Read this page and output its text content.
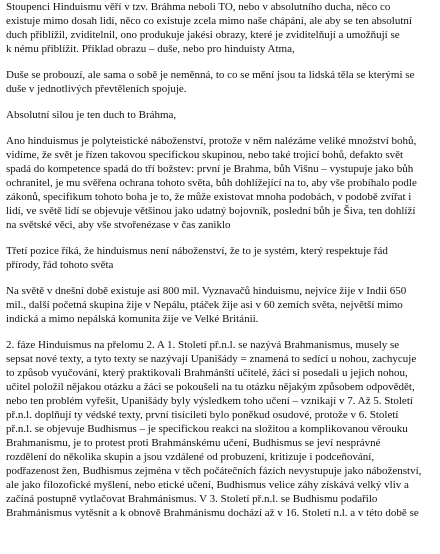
Stoupenci Hinduismu věří v tzv. Bráhma neboli TO, nebo v absolutního ducha, něco co
existuje mimo dosah lidí, něco co existuje zcela mimo naše chápání, ale aby se ten absolutní
duch přiblížil, zviditelnil, ono produkuje jakési obrazy, které je zviditelňují a umožňují se
k nému přiblížit. Příklad obrazu – duše, nebo pro hinduisty Atma,

Duše se probouzí, ale sama o sobě je neměnná, to co se mění jsou ta lidská těla se kterými se
duše v jednotlivých převtěleních spojuje.

Absolutní silou je ten duch to Bráhma,

Ano hinduismus je polyteistické náboženství, protože v něm nalézáme veliké množství bohů,
vidíme, že svět je řízen takovou specifickou skupinou, nebo také trojicí bohů, defakto svět
spadá do kompetence spadá do tří božstev: první je Brahma, bůh Višnu – vystupuje jako bůh
ochranitel, je mu svěřena ochrana tohoto světa, bůh dohlížející na to, aby vše probíhalo podle
zákonů, specifikum tohoto boha je to, že může existovat mnoha podobách, v podobě zvířat i
lidí, ve světě lidí se objevuje většinou jako udatný bojovník, poslední bůh je Šiva, ten dohlíží
na světské věci, aby vše stvořenézase v čas zaniklo

Třetí pozice říká, že hinduismus není náboženství, že to je systém, který respektuje řád
přírody, řád tohoto světa

Na světě v dnešní době existuje asi 800 mil. Vyznavačů hinduismu, nejvíce žije v Indii 650
mil., další početná skupina žije v Nepálu, ptáček žije asi v 60 zemích světa, největší mimo
indická a mimo nepálská komunita žije ve Velké Británii.

2. fáze Hinduismus na přelomu 2. A 1. Století př.n.l. se nazývá Brahmanismus, musely se
sepsat nové texty, a tyto texty se nazývají Upanišády = znamená to sedící u nohou, zachycuje
to způsob vyučování, který praktikovali Brahmánští učitelé, žáci si posedali u jejich nohou,
učitel položil nějakou otázku a žáci se pokoušeli na tu otázku nějakým způsobem odpovědět,
nebo ten problém vyřešit, Upanišády byly výsledkem toho učení – vznikají v 7. Až 5. Století
př.n.l. doplňují ty védské texty, první tisíciletí bylo poněkud osudové, protože v 6. Století
př.n.l. se objevuje Budhismus – je specifickou reakci na složitou a komplikovanou věrouku
Brahmanismu, je to protest proti Brahmánskému učení, Budhismus se jeví nesprávné
rozdělení do několika skupin a jsou vzdálené od probuzení, kritizuje i podceňování,
podřazenost žen, Budhismus zejména v těch počátečních fázích nevystupuje jako náboženství,
ale jako filozofické myšlení, nebo etické učení, Budhismus velice záhy získává velký vliv a
začíná postupně vytlačovat Brahmánismus. V 3. Století př.n.l. se Budhismu podařilo
Brahmánismus vytěsnit a k obnově Brahmánismu dochází až v 16. Století n.l. a v této době se
